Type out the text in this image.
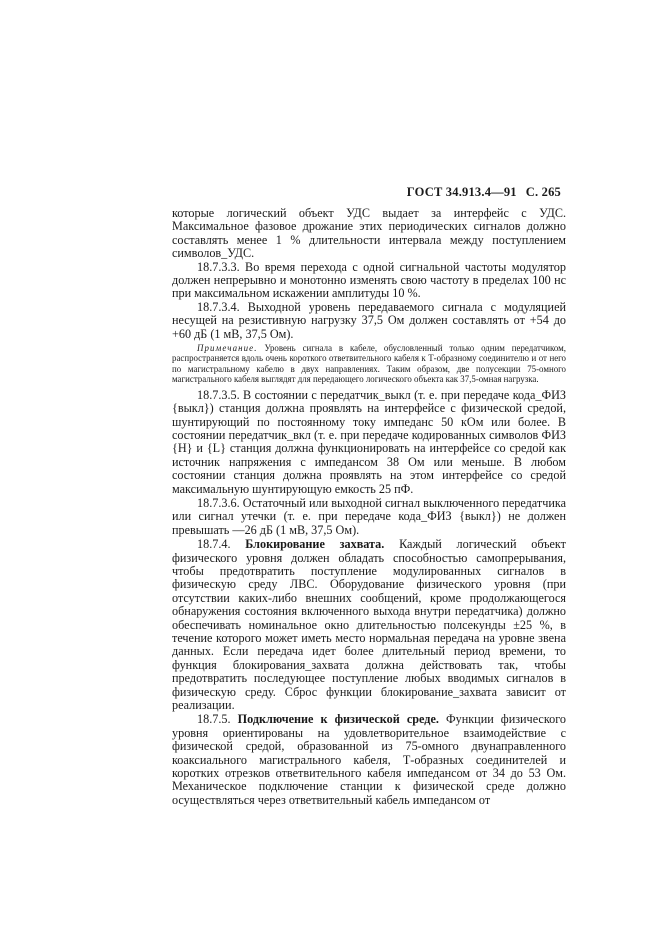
ГОСТ 34.913.4—91 С. 265

которые логический объект УДС выдает за интерфейс с УДС. Максимальное фазовое дрожание этих периодических сигналов должно составлять менее 1 % длительности интервала между поступлением символов_УДС.

18.7.3.3. Во время перехода с одной сигнальной частоты модулятор должен непрерывно и монотонно изменять свою частоту в пределах 100 нс при максимальном искажении амплитуды 10 %.

18.7.3.4. Выходной уровень передаваемого сигнала с модуляцией несущей на резистивную нагрузку 37,5 Ом должен составлять от +54 до +60 дБ (1 мВ, 37,5 Ом).

Примечание. Уровень сигнала в кабеле, обусловленный только одним передатчиком, распространяется вдоль очень короткого ответвительного кабеля к Т-образному соединителю и от него по магистральному кабелю в двух направлениях. Таким образом, две полусекции 75-омного магистрального кабеля выглядят для передающего логического объекта как 37,5-омная нагрузка.

18.7.3.5. В состоянии с передатчик_выкл (т. е. при передаче кода_ФИЗ {выкл}) станция должна проявлять на интерфейсе с физической средой, шунтирующий по постоянному току импеданс 50 кОм или более. В состоянии передатчик_вкл (т. е. при передаче кодированных символов ФИЗ {Н} и {L} станция должна функционировать на интерфейсе со средой как источник напряжения с импедансом 38 Ом или меньше. В любом состоянии станция должна проявлять на этом интерфейсе со средой максимальную шунтирующую емкость 25 пФ.

18.7.3.6. Остаточный или выходной сигнал выключенного передатчика или сигнал утечки (т. е. при передаче кода_ФИЗ {выкл}) не должен превышать —26 дБ (1 мВ, 37,5 Ом).

18.7.4. Блокирование захвата. Каждый логический объект физического уровня должен обладать способностью самопрерывания, чтобы предотвратить поступление модулированных сигналов в физическую среду ЛВС. Оборудование физического уровня (при отсутствии каких-либо внешних сообщений, кроме продолжающегося обнаружения состояния включенного выхода внутри передатчика) должно обеспечивать номинальное окно длительностью полсекунды ±25 %, в течение которого может иметь место нормальная передача на уровне звена данных. Если передача идет более длительный период времени, то функция блокирования_захвата должна действовать так, чтобы предотвратить последующее поступление любых вводимых сигналов в физическую среду. Сброс функции блокирование_захвата зависит от реализации.

18.7.5. Подключение к физической среде. Функции физического уровня ориентированы на удовлетворительное взаимодействие с физической средой, образованной из 75-омного двунаправленного коаксиального магистрального кабеля, Т-образных соединителей и коротких отрезков ответвительного кабеля импедансом от 34 до 53 Ом. Механическое подключение станции к физической среде должно осуществляться через ответвительный кабель импедансом от
